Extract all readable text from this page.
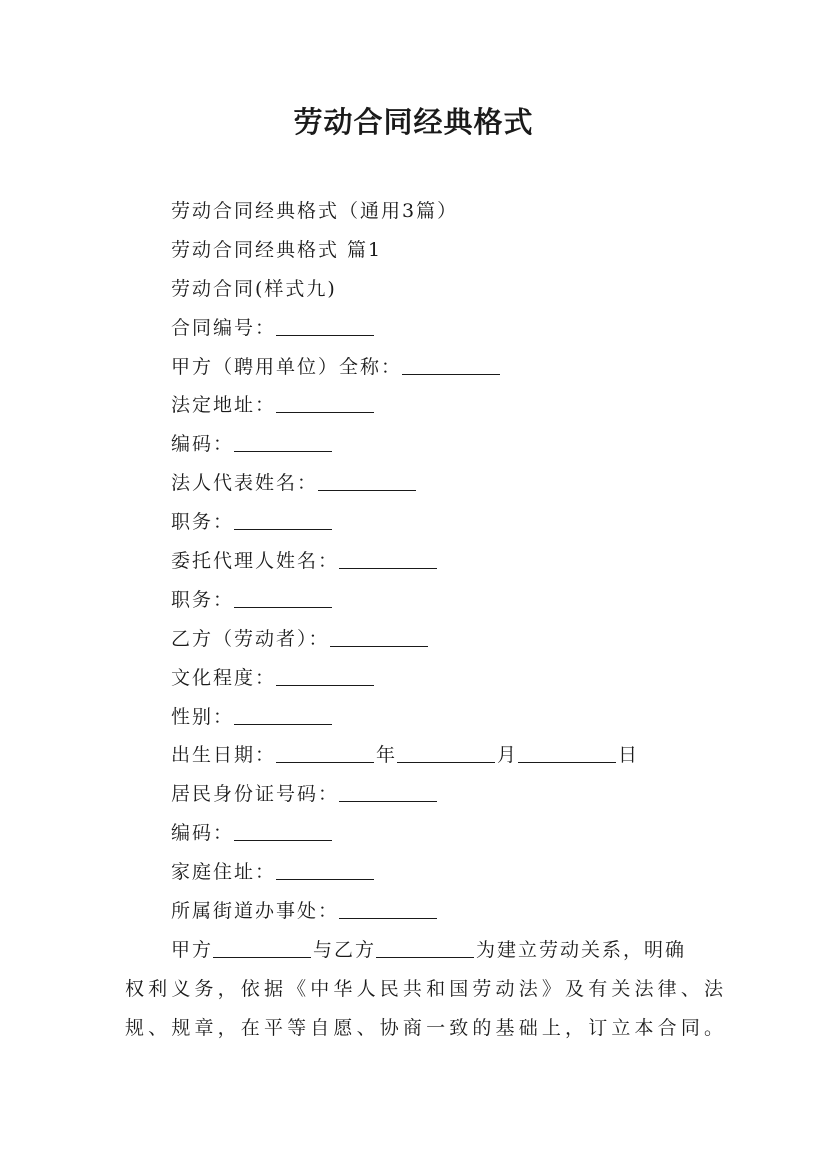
劳动合同经典格式
劳动合同经典格式（通用3篇）
劳动合同经典格式 篇1
劳动合同(样式九)
合同编号：
甲方（聘用单位）全称：
法定地址：
编码：
法人代表姓名：
职务：
委托代理人姓名：
职务：
乙方（劳动者）：
文化程度：
性别：
出生日期：	年	月	日
居民身份证号码：
编码：
家庭住址：
所属街道办事处：
甲方	与乙方	为建立劳动关系，明确
权利义务，依据《中华人民共和国劳动法》及有关法律、法
规、规章，在平等自愿、协商一致的基础上，订立本合同。
